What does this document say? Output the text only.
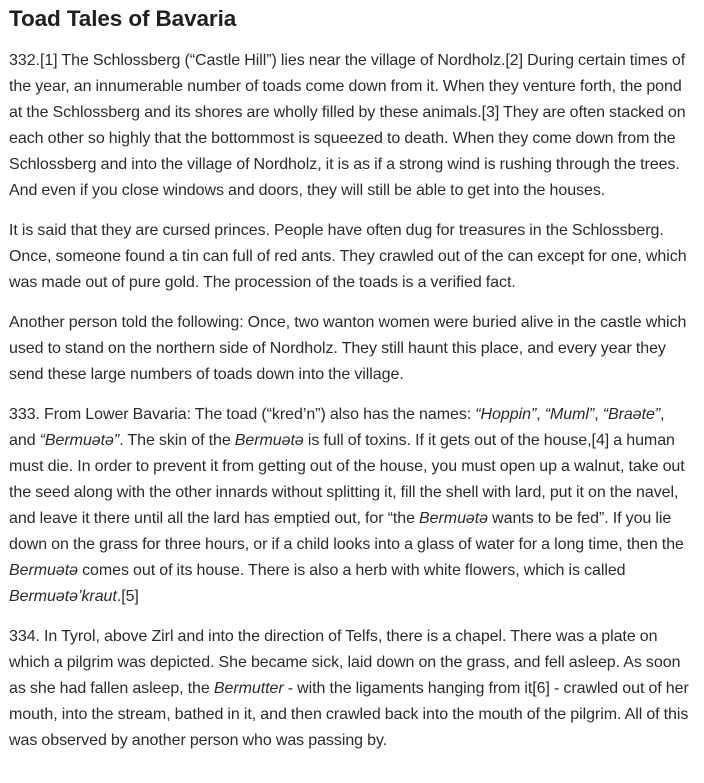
Toad Tales of Bavaria

332.[1] The Schlossberg (“Castle Hill”) lies near the village of Nordholz.[2] During certain times of the year, an innumerable number of toads come down from it. When they venture forth, the pond at the Schlossberg and its shores are wholly filled by these animals.[3] They are often stacked on each other so highly that the bottommost is squeezed to death. When they come down from the Schlossberg and into the village of Nordholz, it is as if a strong wind is rushing through the trees. And even if you close windows and doors, they will still be able to get into the houses.

It is said that they are cursed princes. People have often dug for treasures in the Schlossberg. Once, someone found a tin can full of red ants. They crawled out of the can except for one, which was made out of pure gold. The procession of the toads is a verified fact.

Another person told the following: Once, two wanton women were buried alive in the castle which used to stand on the northern side of Nordholz. They still haunt this place, and every year they send these large numbers of toads down into the village.

333. From Lower Bavaria: The toad (“kred’n”) also has the names: “Hoppin”, “Muml”, “Braəte”, and “Bermuətə”. The skin of the Bermuətə is full of toxins. If it gets out of the house,[4] a human must die. In order to prevent it from getting out of the house, you must open up a walnut, take out the seed along with the other innards without splitting it, fill the shell with lard, put it on the navel, and leave it there until all the lard has emptied out, for “the Bermuətə wants to be fed”. If you lie down on the grass for three hours, or if a child looks into a glass of water for a long time, then the Bermuətə comes out of its house. There is also a herb with white flowers, which is called Bermuətə’kraut.[5]

334. In Tyrol, above Zirl and into the direction of Telfs, there is a chapel. There was a plate on which a pilgrim was depicted. She became sick, laid down on the grass, and fell asleep. As soon as she had fallen asleep, the Bermutter - with the ligaments hanging from it[6] - crawled out of her mouth, into the stream, bathed in it, and then crawled back into the mouth of the pilgrim. All of this was observed by another person who was passing by.
